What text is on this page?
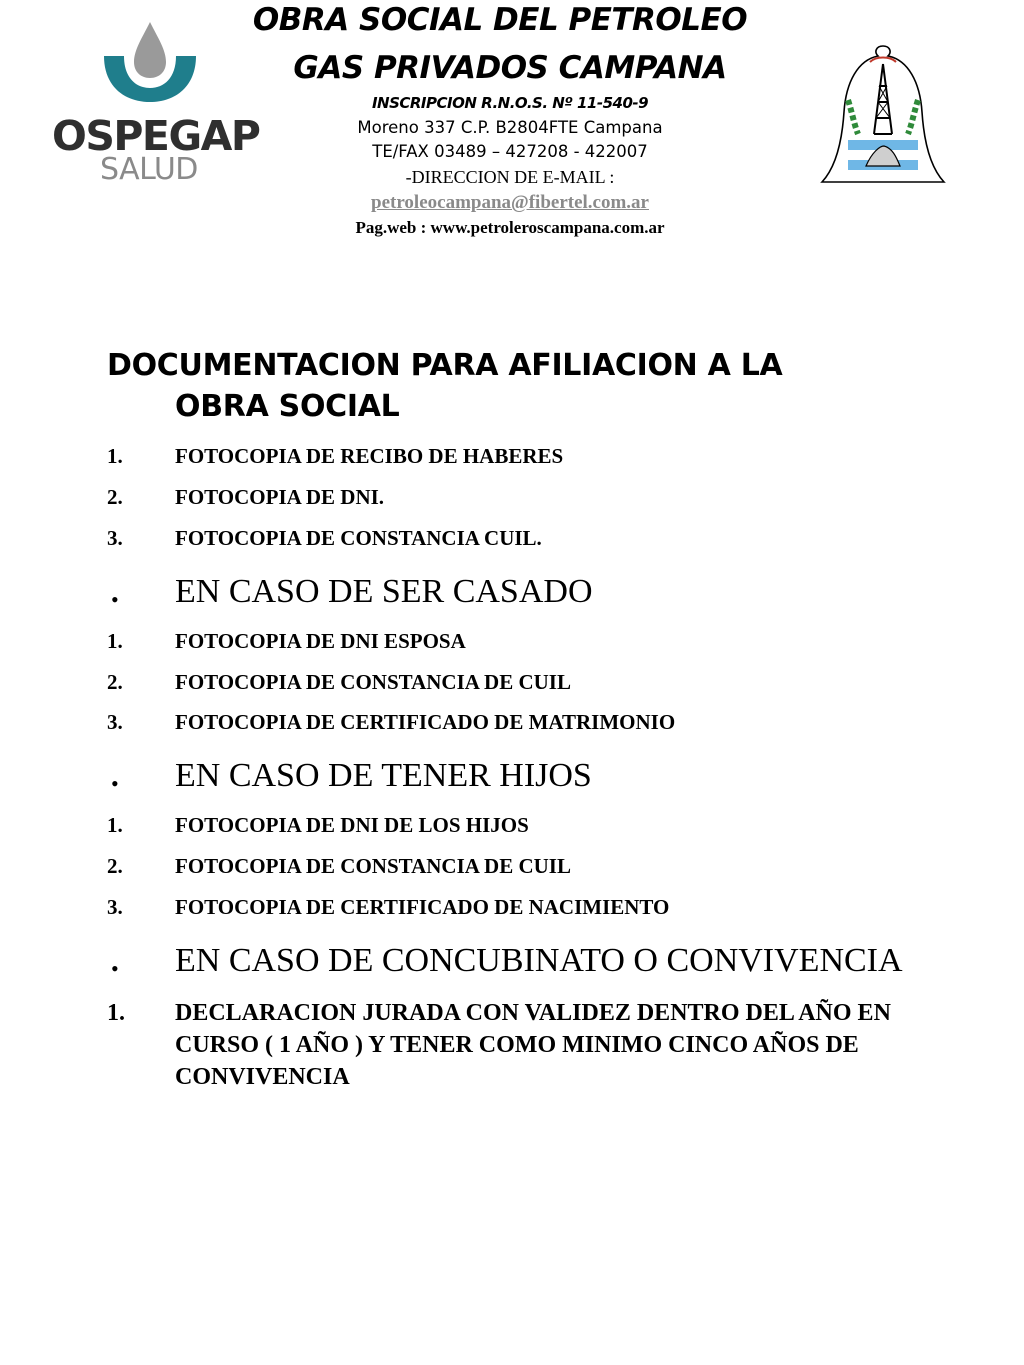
OSPEGAP
SALUD
OBRA SOCIAL DEL PETROLEO
GAS PRIVADOS CAMPANA
INSCRIPCION R.N.O.S. Nº 11-540-9
Moreno 337 C.P. B2804FTE Campana
TE/FAX 03489 – 427208 - 422007
-DIRECCION DE E-MAIL :
petroleocampana@fibertel.com.ar
Pag.web : www.petroleroscampana.com.ar
DOCUMENTACION PARA AFILIACION A LA
OBRA SOCIAL
1. FOTOCOPIA DE RECIBO DE HABERES
2. FOTOCOPIA DE DNI.
3. FOTOCOPIA DE CONSTANCIA CUIL.
• EN CASO DE SER CASADO
1. FOTOCOPIA DE DNI ESPOSA
2. FOTOCOPIA DE CONSTANCIA DE CUIL
3. FOTOCOPIA DE CERTIFICADO DE MATRIMONIO
• EN CASO DE TENER HIJOS
1. FOTOCOPIA DE DNI DE LOS HIJOS
2. FOTOCOPIA DE CONSTANCIA DE CUIL
3. FOTOCOPIA DE CERTIFICADO DE NACIMIENTO
• EN CASO DE CONCUBINATO O CONVIVENCIA
1. DECLARACION JURADA CON VALIDEZ DENTRO DEL AÑO EN CURSO ( 1 AÑO ) Y TENER COMO MINIMO CINCO AÑOS DE CONVIVENCIA
